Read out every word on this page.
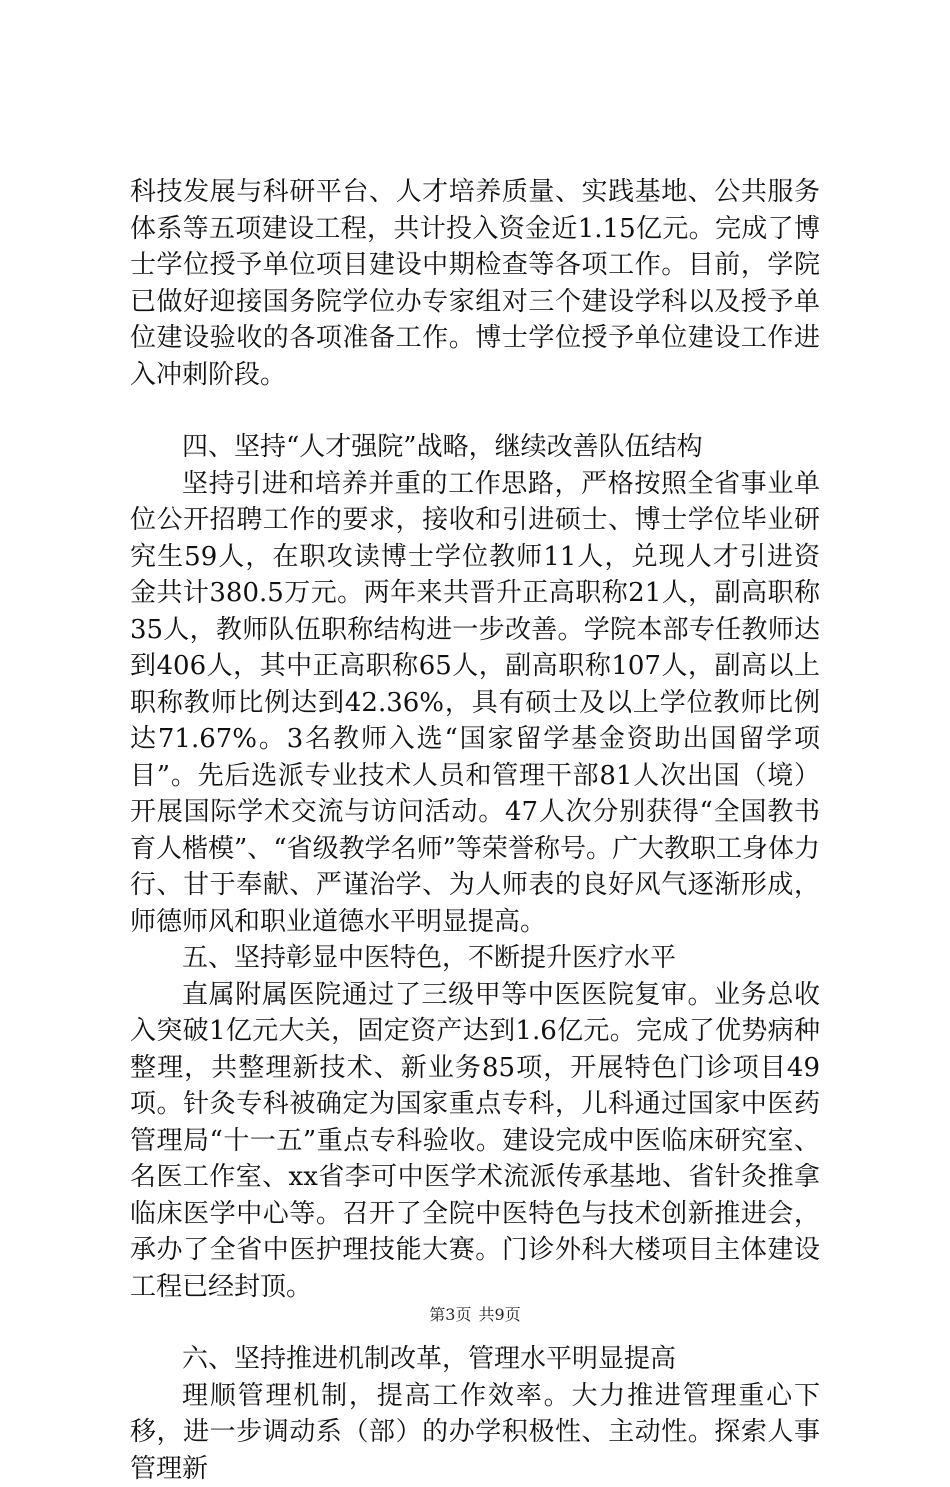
科技发展与科研平台、人才培养质量、实践基地、公共服务体系等五项建设工程，共计投入资金近1.15亿元。完成了博士学位授予单位项目建设中期检查等各项工作。目前，学院已做好迎接国务院学位办专家组对三个建设学科以及授予单位建设验收的各项准备工作。博士学位授予单位建设工作进入冲刺阶段。

四、坚持“人才强院”战略，继续改善队伍结构

坚持引进和培养并重的工作思路，严格按照全省事业单位公开招聘工作的要求，接收和引进硕士、博士学位毕业研究生59人，在职攻读博士学位教师11人，兑现人才引进资金共计380.5万元。两年来共晋升正高职称21人，副高职称35人，教师队伍职称结构进一步改善。学院本部专任教师达到406人，其中正高职称65人，副高职称107人，副高以上职称教师比例达到42.36%，具有硕士及以上学位教师比例达71.67%。3名教师入选“国家留学基金资助出国留学项目”。先后选派专业技术人员和管理干部81人次出国（境）开展国际学术交流与访问活动。47人次分别获得“全国教书育人楷模”、“省级教学名师”等荣誉称号。广大教职工身体力行、甘于奉献、严谨治学、为人师表的良好风气逐渐形成，师德师风和职业道德水平明显提高。

五、坚持彰显中医特色，不断提升医疗水平

直属附属医院通过了三级甲等中医医院复审。业务总收入突破1亿元大关，固定资产达到1.6亿元。完成了优势病种整理，共整理新技术、新业务85项，开展特色门诊项目49项。针灸专科被确定为国家重点专科，儿科通过国家中医药管理局“十一五”重点专科验收。建设完成中医临床研究室、名医工作室、xx省李可中医学术流派传承基地、省针灸推拿临床医学中心等。召开了全院中医特色与技术创新推进会，承办了全省中医护理技能大赛。门诊外科大楼项目主体建设工程已经封顶。

六、坚持推进机制改革，管理水平明显提高

理顺管理机制，提高工作效率。大力推进管理重心下移，进一步调动系（部）的办学积极性、主动性。探索人事管理新

第3页 共9页
